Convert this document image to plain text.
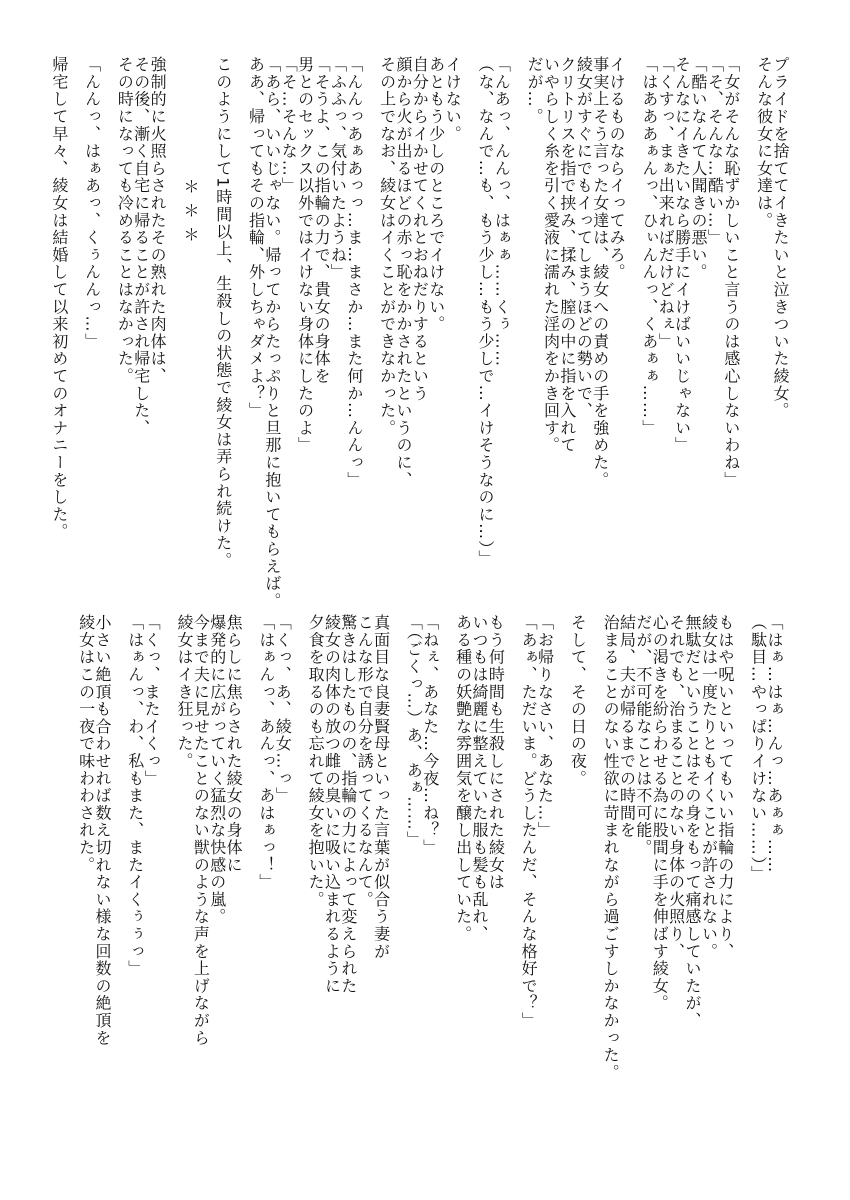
プライドを捨ててイきたいと泣きついた綾女。
そんな彼女に女達は。
「女がそんな恥ずかしいこと言うのは感心しないわね」
「そ、そんな…酷い…」
「酷いなんて人聞きの悪い。
そんなにイきたいなら勝手にイけばいいじゃない」
「くすっ、まぁ出来ればだけどねぇ」
「はあああぁんっ、ひぃんんっ、くあぁぁ……」
イけるものならイってみろ。
事実上そう言った女達は、綾女への責めの手を強めた。
綾女がすぐにでもイってしまうほどの勢いで、
クリトリスを指で挟み、揉み、膣の中に指を入れて
いやらしく糸を引く愛液に濡れた淫肉をかき回す。
だが…。
「んあっ、んんっ、はぁぁ……くぅ……
（な、なんで…も、もう少し…もう少しで…イけそうなのに…）」
イけない。
あともう少しのところでイけない。
自分からイかせてくれとおねだりするという
顔から火が出るほどの赤っ恥をかかされたというのに、
その上でなお、綾女はイくことができなかった。
「んんっあぁあっっ…ま…まさか…また何か…んんっ」
「ふふっ、気付いたようね」
「そうよ、この指輪の力で、貴女の身体を
男とのセックス以外ではイけない身体にしたのよ」
「そ…そんな…」
「あら、いいじゃない。帰ってからたっぷりと旦那に抱いてもらえば。
ああ、帰ってもその指輪、外しちゃダメよ？」
このようにして1時間以上、生殺しの状態で綾女は弄られ続けた。
＊＊＊
強制的に火照らされたその熟れた肉体は、
その後、漸く自宅に帰ることが許され帰宅した、
その時になっても冷めることはなかった。
「んんっ、はぁあっ、くぅんんっ…」
帰宅して早々、綾女は結婚して以来初めてのオナニーをした。
「はぁ…はぁ…んっ…あぁぁ……
（駄目…やっぱりイけない……）」
もはや呪いといってもいい指輪の力により、
綾女は一度たりともイくことが許されない。
無駄だということはその身をもって痛感していたが、
それでも、治まることのない身体の火照り、
心の渇きを紛らわせる為に股間に手を伸ばす綾女。
だが、不可能なことは不可能。
結局、夫が帰るまでの時間を
治まることのない性欲に苛まれながら過ごすしかなかった。
そして、その日の夜。
「お帰りなさい、あなた…」
「あぁ、ただいま。どうしたんだ、そんな格好で？」
もう何時間も生殺しにされた綾女は
いつもは綺麗に整えていた服も髪も乱れ、
ある種の妖艶な雰囲気を醸し出していた。
「ねぇ、あなた…今夜…ね？」
「（ごくっ…）あ、あぁ……」
真面目な良妻賢母といった言葉が似合う妻が
こんな形で自分を誘ってくるなんて。
驚きはしたものの、指輪の力によって変えられた
綾女の肉体の放つ雌の臭いに吸い込まれるように
夕食を取るのも忘れて綾女を抱いた。
「くっ、あ、綾女…っ」
「はぁんっ、あんっ、あはぁっ！」
焦らしに焦らされた綾女の身体に
爆発的に広がっていく猛烈な快感の嵐。
今まで夫に見せたことのない獣のような声を上げながら
綾女はイき狂った。
「くっ、またイくっ」
「はぁんっ、わ、私もまた、またイくぅぅっ」
小さい絶頂も合わせれば数え切れない様な回数の絶頂を
綾女はこの一夜で味わわされた。
